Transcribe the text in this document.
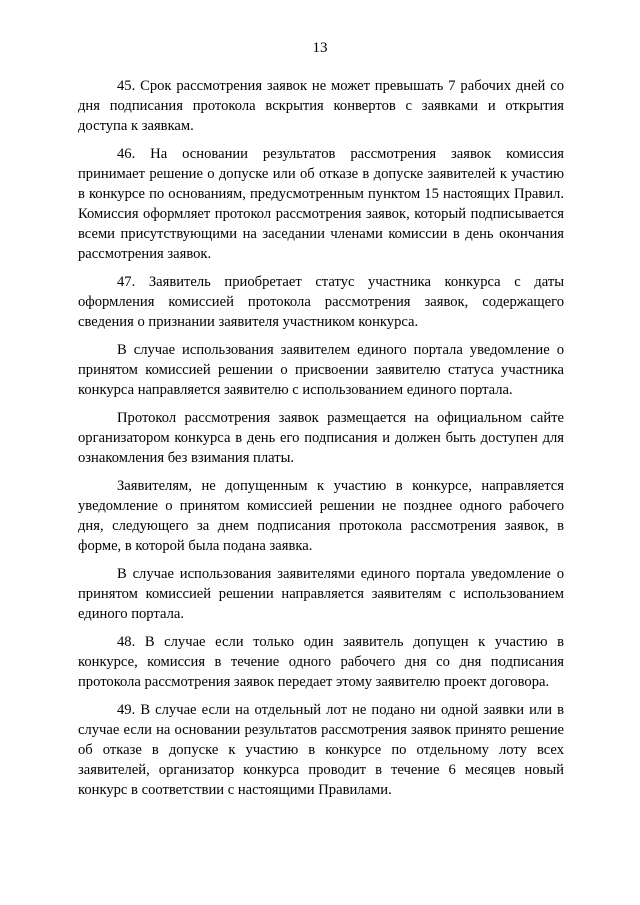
13

45. Срок рассмотрения заявок не может превышать 7 рабочих дней со дня подписания протокола вскрытия конвертов с заявками и открытия доступа к заявкам.

46. На основании результатов рассмотрения заявок комиссия принимает решение о допуске или об отказе в допуске заявителей к участию в конкурсе по основаниям, предусмотренным пунктом 15 настоящих Правил. Комиссия оформляет протокол рассмотрения заявок, который подписывается всеми присутствующими на заседании членами комиссии в день окончания рассмотрения заявок.

47. Заявитель приобретает статус участника конкурса с даты оформления комиссией протокола рассмотрения заявок, содержащего сведения о признании заявителя участником конкурса.

В случае использования заявителем единого портала уведомление о принятом комиссией решении о присвоении заявителю статуса участника конкурса направляется заявителю с использованием единого портала.

Протокол рассмотрения заявок размещается на официальном сайте организатором конкурса в день его подписания и должен быть доступен для ознакомления без взимания платы.

Заявителям, не допущенным к участию в конкурсе, направляется уведомление о принятом комиссией решении не позднее одного рабочего дня, следующего за днем подписания протокола рассмотрения заявок, в форме, в которой была подана заявка.

В случае использования заявителями единого портала уведомление о принятом комиссией решении направляется заявителям с использованием единого портала.

48. В случае если только один заявитель допущен к участию в конкурсе, комиссия в течение одного рабочего дня со дня подписания протокола рассмотрения заявок передает этому заявителю проект договора.

49. В случае если на отдельный лот не подано ни одной заявки или в случае если на основании результатов рассмотрения заявок принято решение об отказе в допуске к участию в конкурсе по отдельному лоту всех заявителей, организатор конкурса проводит в течение 6 месяцев новый конкурс в соответствии с настоящими Правилами.
